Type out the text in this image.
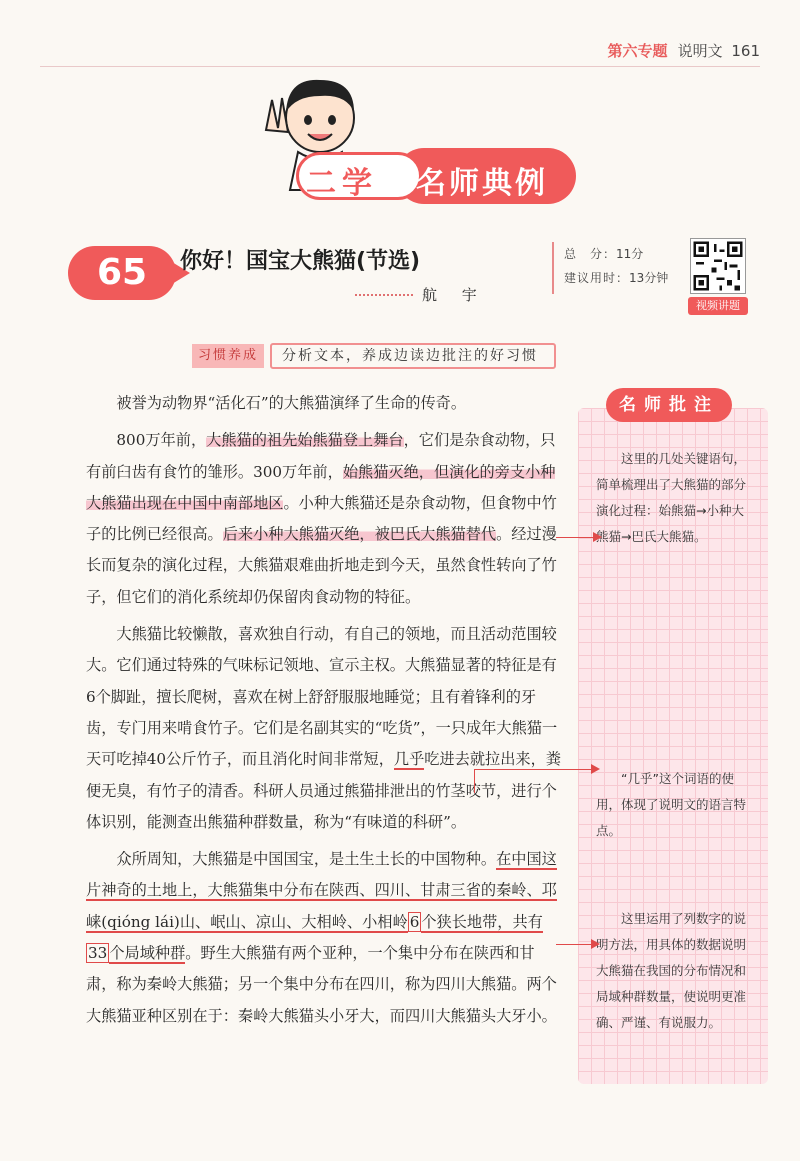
第六专题 说明文 161
二学 名师典例
65	你好！国宝大熊猫(节选)
航 宇
总　分：11分
建议用时：13分钟
视频讲题
习惯养成	分析文本，养成边读边批注的好习惯

被誉为动物界“活化石”的大熊猫演绎了生命的传奇。

800万年前，大熊猫的祖先始熊猫登上舞台，它们是杂食动物，只有前臼齿有食竹的雏形。300万年前，始熊猫灭绝，但演化的旁支小种大熊猫出现在中国中南部地区。小种大熊猫还是杂食动物，但食物中竹子的比例已经很高。后来小种大熊猫灭绝，被巴氏大熊猫替代。经过漫长而复杂的演化过程，大熊猫艰难曲折地走到今天，虽然食性转向了竹子，但它们的消化系统却仍保留肉食动物的特征。

大熊猫比较懒散，喜欢独自行动，有自己的领地，而且活动范围较大。它们通过特殊的气味标记领地、宣示主权。大熊猫显著的特征是有6个脚趾，擅长爬树，喜欢在树上舒舒服服地睡觉；且有着锋利的牙齿，专门用来啃食竹子。它们是名副其实的“吃货”，一只成年大熊猫一天可吃掉40公斤竹子，而且消化时间非常短，几乎吃进去就拉出来，粪便无臭，有竹子的清香。科研人员通过熊猫排泄出的竹茎咬节，进行个体识别，能测查出熊猫种群数量，称为“有味道的科研”。

众所周知，大熊猫是中国国宝，是土生土长的中国物种。在中国这片神奇的土地上，大熊猫集中分布在陕西、四川、甘肃三省的秦岭、邛崃(qióng lái)山、岷山、凉山、大相岭、小相岭 6 个狭长地带，共有33 个局域种群。野生大熊猫有两个亚种，一个集中分布在陕西和甘肃，称为秦岭大熊猫；另一个集中分布在四川，称为四川大熊猫。两个大熊猫亚种区别在于：秦岭大熊猫头小牙大，而四川大熊猫头大牙小。

名师批注
这里的几处关键语句，简单梳理出了大熊猫的部分演化过程：始熊猫→小种大熊猫→巴氏大熊猫。
“几乎”这个词语的使用，体现了说明文的语言特点。
这里运用了列数字的说明方法，用具体的数据说明大熊猫在我国的分布情况和局域种群数量，使说明更准确、严谨、有说服力。
